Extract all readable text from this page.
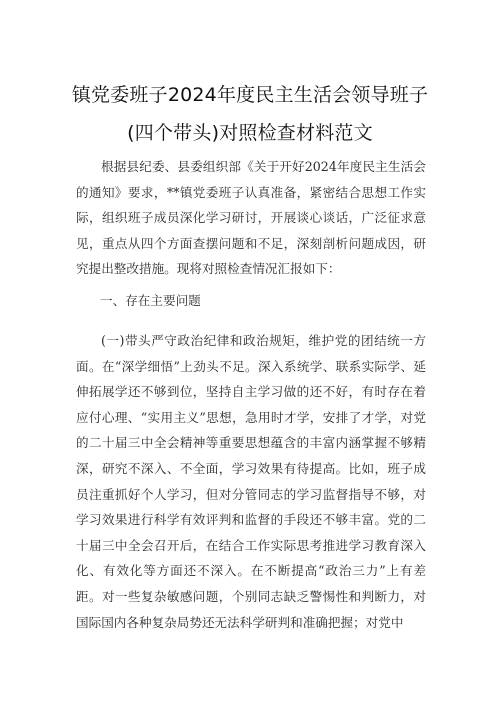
镇党委班子2024年度民主生活会领导班子
(四个带头)对照检查材料范文
根据县纪委、县委组织部《关于开好2024年度民主生活会的通知》要求，**镇党委班子认真准备，紧密结合思想工作实际，组织班子成员深化学习研讨，开展谈心谈话，广泛征求意见，重点从四个方面查摆问题和不足，深刻剖析问题成因，研究提出整改措施。现将对照检查情况汇报如下：
一、存在主要问题
(一)带头严守政治纪律和政治规矩，维护党的团结统一方面。在“深学细悟”上劲头不足。深入系统学、联系实际学、延伸拓展学还不够到位，坚持自主学习做的还不好，有时存在着应付心理、“实用主义”思想，急用时才学，安排了才学，对党的二十届三中全会精神等重要思想蕴含的丰富内涵掌握不够精深，研究不深入、不全面，学习效果有待提高。比如，班子成员注重抓好个人学习，但对分管同志的学习监督指导不够，对学习效果进行科学有效评判和监督的手段还不够丰富。党的二十届三中全会召开后，在结合工作实际思考推进学习教育深入化、有效化等方面还不深入。在不断提高“政治三力”上有差距。对一些复杂敏感问题，个别同志缺乏警惕性和判断力，对国际国内各种复杂局势还无法科学研判和准确把握；对党中
